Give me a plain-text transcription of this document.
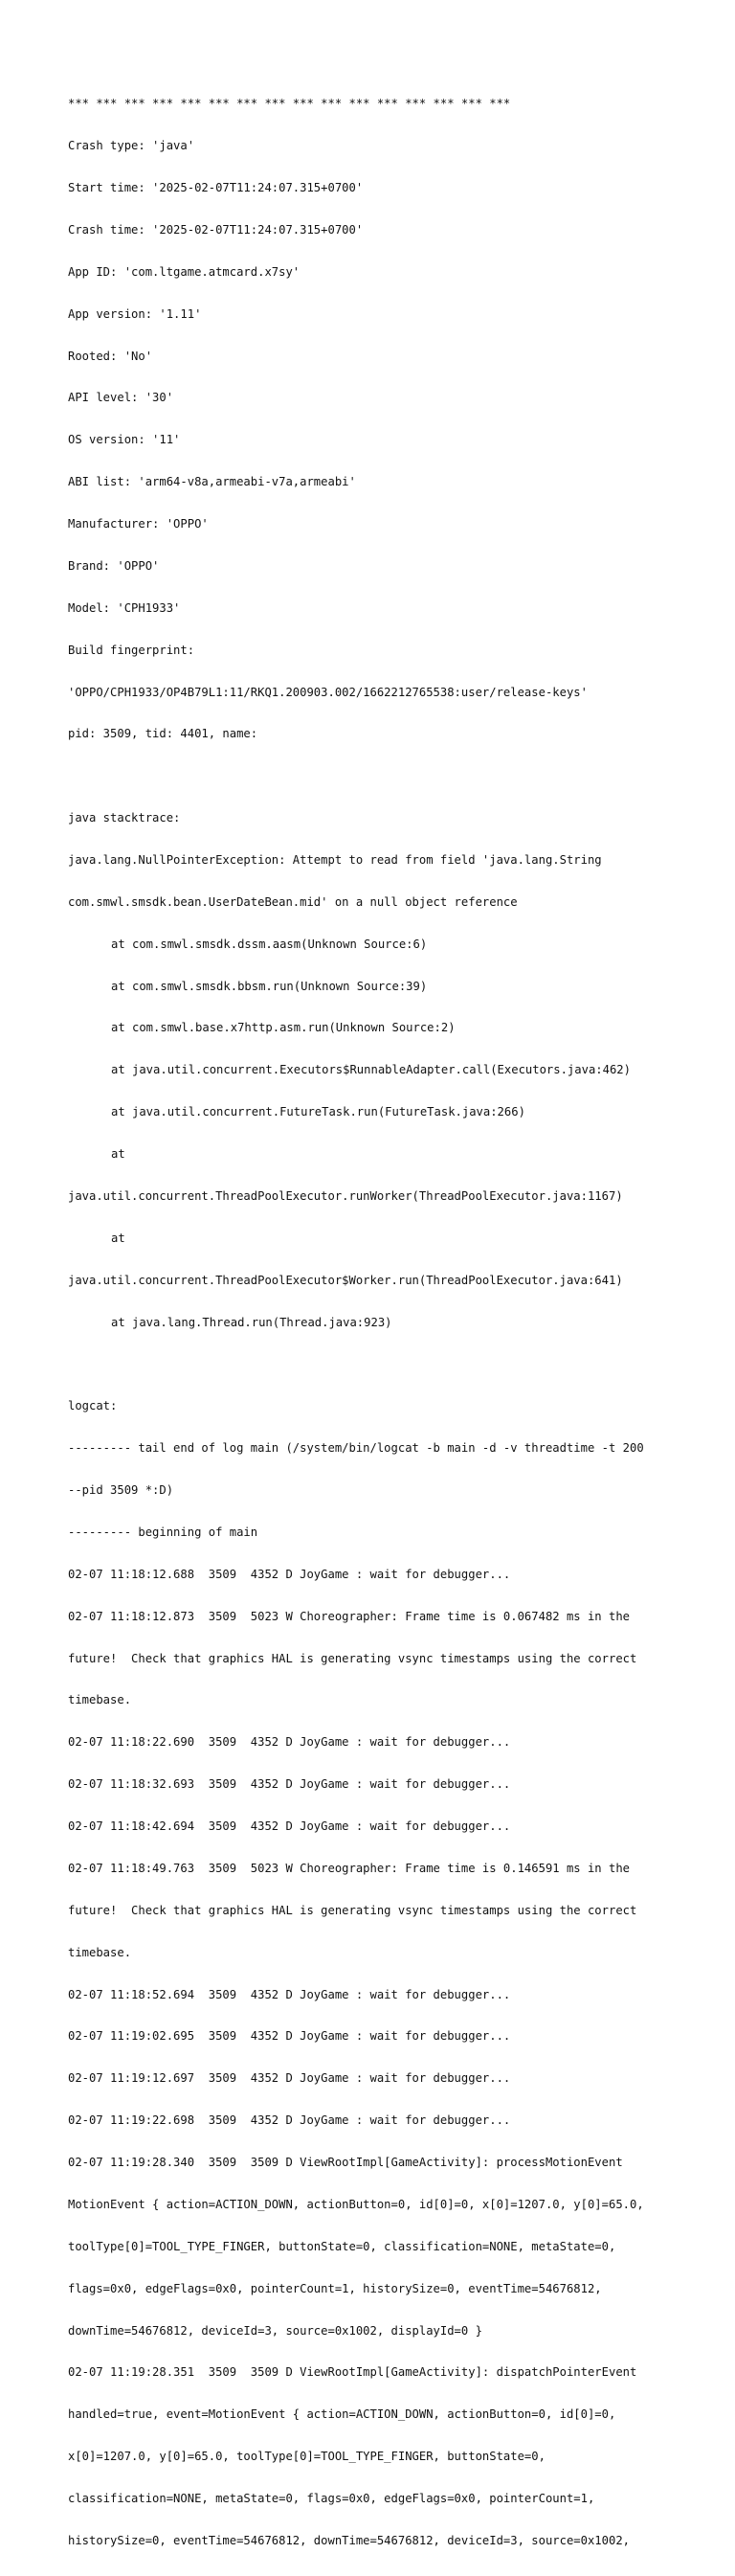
*** *** *** *** *** *** *** *** *** *** *** *** *** *** *** ***

Crash type: 'java'

Start time: '2025-02-07T11:24:07.315+0700'

Crash time: '2025-02-07T11:24:07.315+0700'

App ID: 'com.ltgame.atmcard.x7sy'

App version: '1.11'

Rooted: 'No'

API level: '30'

OS version: '11'

ABI list: 'arm64-v8a,armeabi-v7a,armeabi'

Manufacturer: 'OPPO'

Brand: 'OPPO'

Model: 'CPH1933'

Build fingerprint:

'OPPO/CPH1933/OP4B79L1:11/RKQ1.200903.002/1662212765538:user/release-keys'

pid: 3509, tid: 4401, name:

java stacktrace:

java.lang.NullPointerException: Attempt to read from field 'java.lang.String

com.smwl.smsdk.bean.UserDateBean.mid' on a null object reference

at com.smwl.smsdk.dssm.aasm(Unknown Source:6)

at com.smwl.smsdk.bbsm.run(Unknown Source:39)

at com.smwl.base.x7http.asm.run(Unknown Source:2)

at java.util.concurrent.Executors$RunnableAdapter.call(Executors.java:462)

at java.util.concurrent.FutureTask.run(FutureTask.java:266)

at

java.util.concurrent.ThreadPoolExecutor.runWorker(ThreadPoolExecutor.java:1167)

at

java.util.concurrent.ThreadPoolExecutor$Worker.run(ThreadPoolExecutor.java:641)

at java.lang.Thread.run(Thread.java:923)

logcat:

--------- tail end of log main (/system/bin/logcat -b main -d -v threadtime -t 200

--pid 3509 *:D)

--------- beginning of main

02-07 11:18:12.688  3509  4352 D JoyGame : wait for debugger...

02-07 11:18:12.873  3509  5023 W Choreographer: Frame time is 0.067482 ms in the

future!  Check that graphics HAL is generating vsync timestamps using the correct

timebase.

02-07 11:18:22.690  3509  4352 D JoyGame : wait for debugger...

02-07 11:18:32.693  3509  4352 D JoyGame : wait for debugger...

02-07 11:18:42.694  3509  4352 D JoyGame : wait for debugger...

02-07 11:18:49.763  3509  5023 W Choreographer: Frame time is 0.146591 ms in the

future!  Check that graphics HAL is generating vsync timestamps using the correct

timebase.

02-07 11:18:52.694  3509  4352 D JoyGame : wait for debugger...

02-07 11:19:02.695  3509  4352 D JoyGame : wait for debugger...

02-07 11:19:12.697  3509  4352 D JoyGame : wait for debugger...

02-07 11:19:22.698  3509  4352 D JoyGame : wait for debugger...

02-07 11:19:28.340  3509  3509 D ViewRootImpl[GameActivity]: processMotionEvent

MotionEvent { action=ACTION_DOWN, actionButton=0, id[0]=0, x[0]=1207.0, y[0]=65.0,

toolType[0]=TOOL_TYPE_FINGER, buttonState=0, classification=NONE, metaState=0,

flags=0x0, edgeFlags=0x0, pointerCount=1, historySize=0, eventTime=54676812,

downTime=54676812, deviceId=3, source=0x1002, displayId=0 }

02-07 11:19:28.351  3509  3509 D ViewRootImpl[GameActivity]: dispatchPointerEvent

handled=true, event=MotionEvent { action=ACTION_DOWN, actionButton=0, id[0]=0,

x[0]=1207.0, y[0]=65.0, toolType[0]=TOOL_TYPE_FINGER, buttonState=0,

classification=NONE, metaState=0, flags=0x0, edgeFlags=0x0, pointerCount=1,

historySize=0, eventTime=54676812, downTime=54676812, deviceId=3, source=0x1002,
